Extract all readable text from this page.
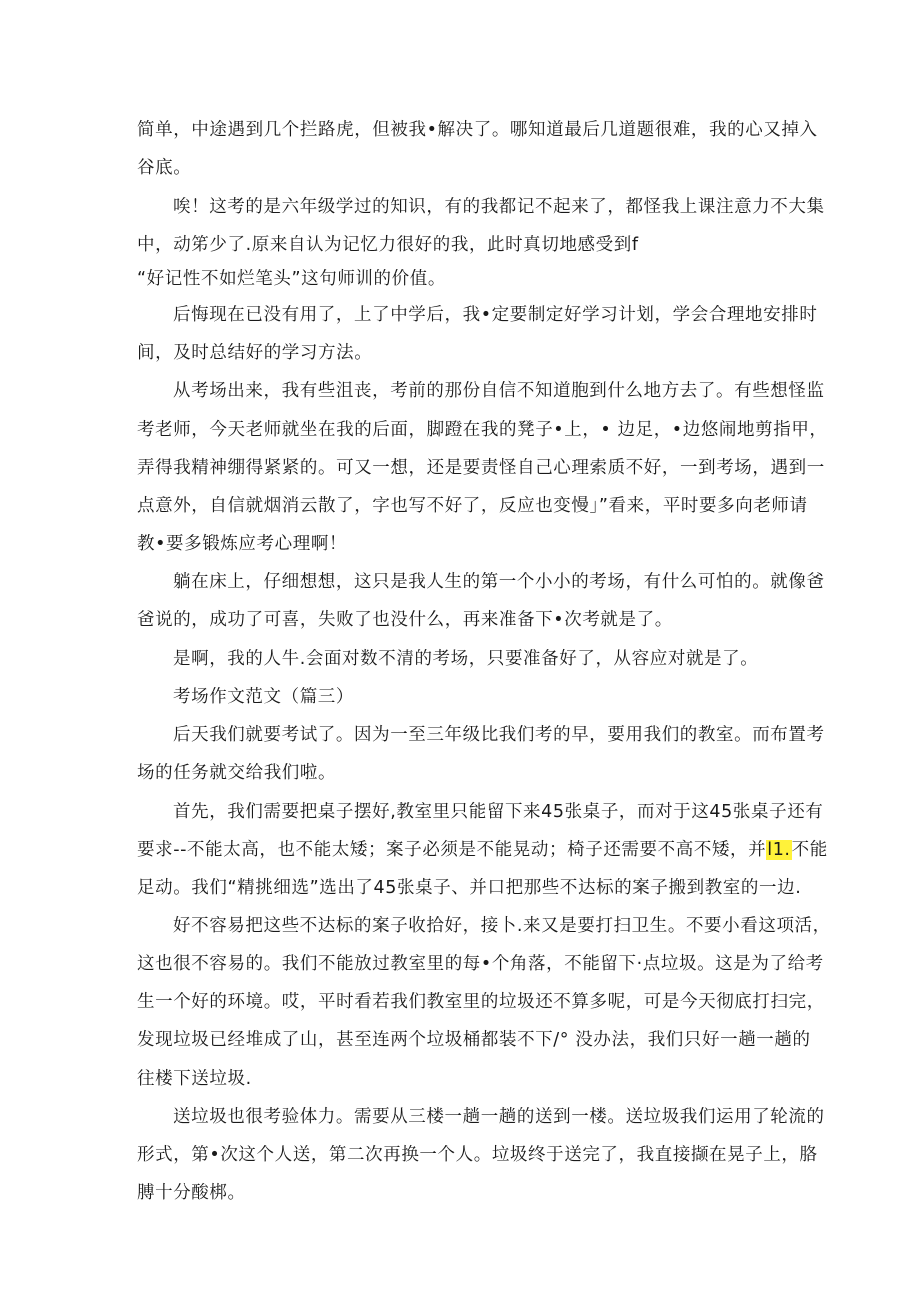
简单，中途遇到几个拦路虎，但被我•解决了。哪知道最后几道题很难，我的心又掉入
谷底。
唉！这考的是六年级学过的知识，有的我都记不起来了，都怪我上课注意力不大集
中，动笫少了.原来自认为记忆力很好的我，此时真切地感受到f
“好记性不如烂笔头”这句师训的价值。
后悔现在已没有用了，上了中学后，我•定要制定好学习计划，学会合理地安排时
间，及时总结好的学习方法。
从考场出来，我有些沮丧，考前的那份自信不知道胞到什么地方去了。有些想怪监
考老师，今天老师就坐在我的后面，脚蹬在我的凳子•上，• 边足，•边悠闹地剪指甲，
弄得我精神绷得紧紧的。可又一想，还是要责怪自己心理索质不好，一到考场，遇到一
点意外，自信就烟消云散了，字也写不好了，反应也变慢」”看来，平时要多向老师请
教•要多锻炼应考心理啊！
躺在床上，仔细想想，这只是我人生的第一个小小的考场，有什么可怕的。就像爸
爸说的，成功了可喜，失败了也没什么，再来准备下•次考就是了。
是啊，我的人牛.会面对数不清的考场，只要准备好了，从容应对就是了。
考场作文范文（篇三）
后天我们就要考试了。因为一至三年级比我们考的早，要用我们的教室。而布置考
场的任务就交给我们啦。
首先，我们需要把桌子摆好,教室里只能留下来45张桌子，而对于这45张桌子还有
要求--不能太高，也不能太矮；案子必须是不能晃动；椅子还需要不高不矮，并l1.不能
足动。我们“精挑细选”选出了45张桌子、并口把那些不达标的案子搬到教室的一边.
好不容易把这些不达标的案子收拾好，接卜.来又是要打扫卫生。不要小看这项活，
这也很不容易的。我们不能放过教室里的每•个角落，不能留下·点垃圾。这是为了给考
生一个好的环境。哎，平时看若我们教室里的垃圾还不算多呢，可是今天彻底打扫完，
发现垃圾已经堆成了山，甚至连两个垃圾桶都装不下/° 没办法，我们只好一趟一趟的
往楼下送垃圾.
送垃圾也很考验体力。需要从三楼一趟一趟的送到一楼。送垃圾我们运用了轮流的
形式，第•次这个人送，第二次再换一个人。垃圾终于送完了，我直接撷在晃子上，胳
膊十分酸梆。
